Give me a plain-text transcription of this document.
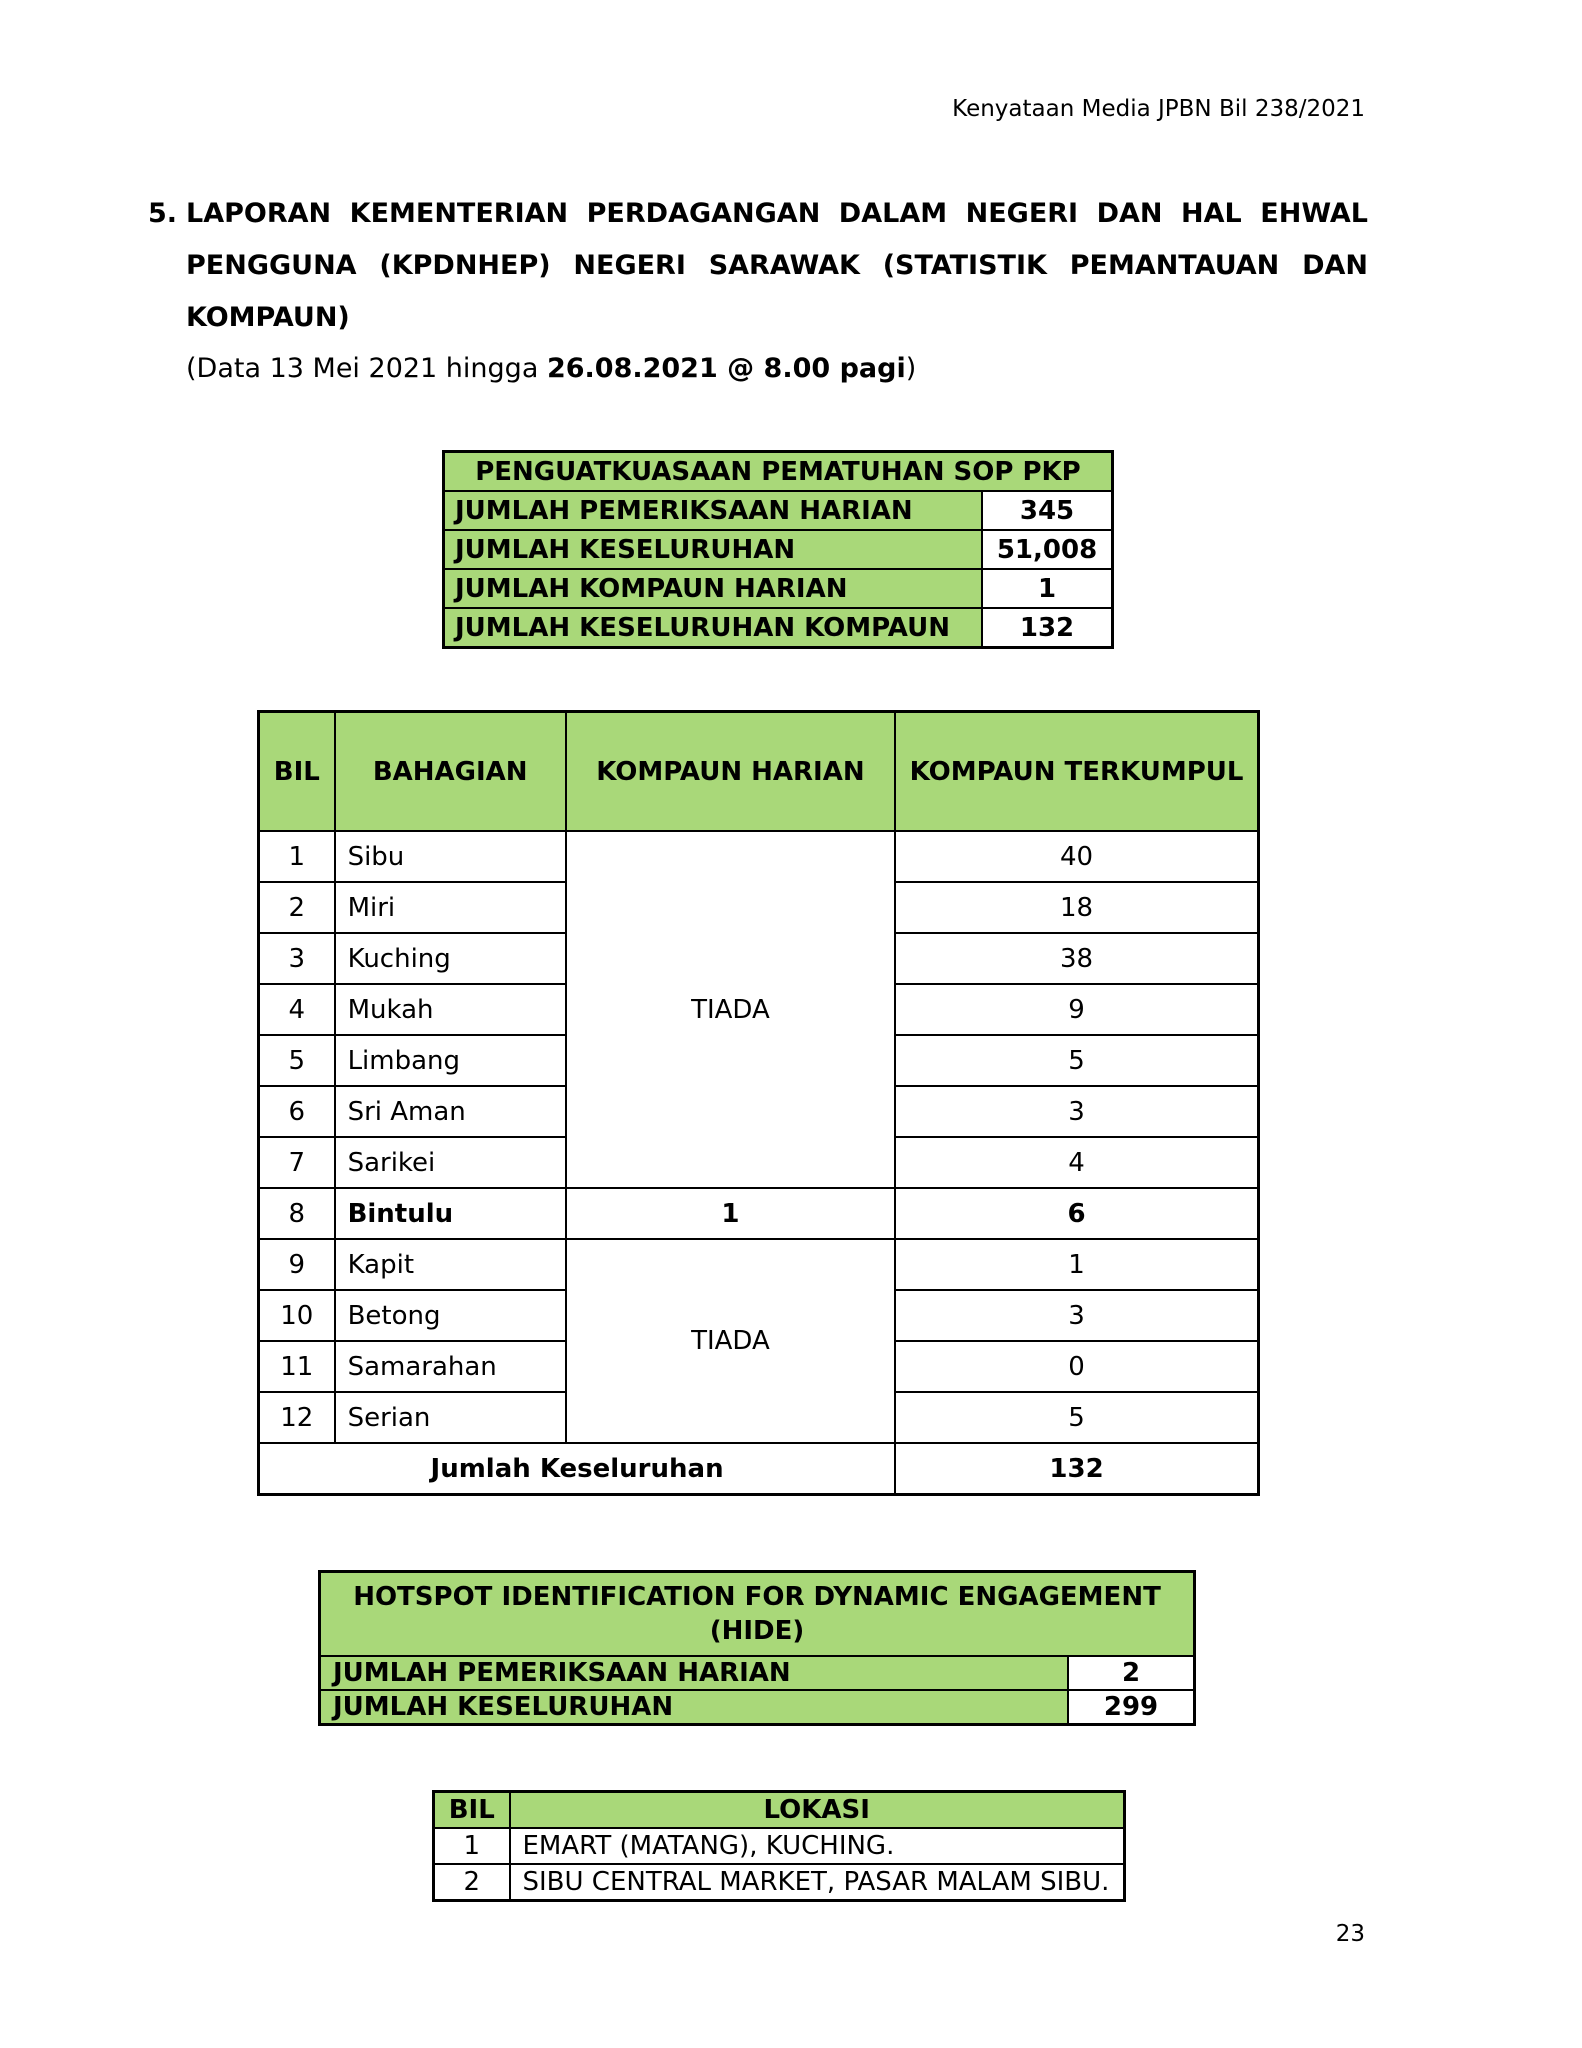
Kenyataan Media JPBN Bil 238/2021
5. LAPORAN KEMENTERIAN PERDAGANGAN DALAM NEGERI DAN HAL EHWAL PENGGUNA (KPDNHEP) NEGERI SARAWAK (STATISTIK PEMANTAUAN DAN KOMPAUN)
(Data 13 Mei 2021 hingga 26.08.2021 @ 8.00 pagi)
PENGUATKUASAAN PEMATUHAN SOP PKP	
JUMLAH PEMERIKSAAN HARIAN	345
JUMLAH KESELURUHAN	51,008
JUMLAH KOMPAUN HARIAN	1
JUMLAH KESELURUHAN KOMPAUN	132
BIL	BAHAGIAN	KOMPAUN HARIAN	KOMPAUN TERKUMPUL
1	Sibu	TIADA	40
2	Miri		18
3	Kuching		38
4	Mukah		9
5	Limbang		5
6	Sri Aman		3
7	Sarikei		4
8	Bintulu	1	6
9	Kapit	TIADA	1
10	Betong		3
11	Samarahan		0
12	Serian		5
Jumlah Keseluruhan			132
HOTSPOT IDENTIFICATION FOR DYNAMIC ENGAGEMENT (HIDE)	
JUMLAH PEMERIKSAAN HARIAN	2
JUMLAH KESELURUHAN	299
BIL	LOKASI
1	EMART (MATANG), KUCHING.
2	SIBU CENTRAL MARKET, PASAR MALAM SIBU.
23
